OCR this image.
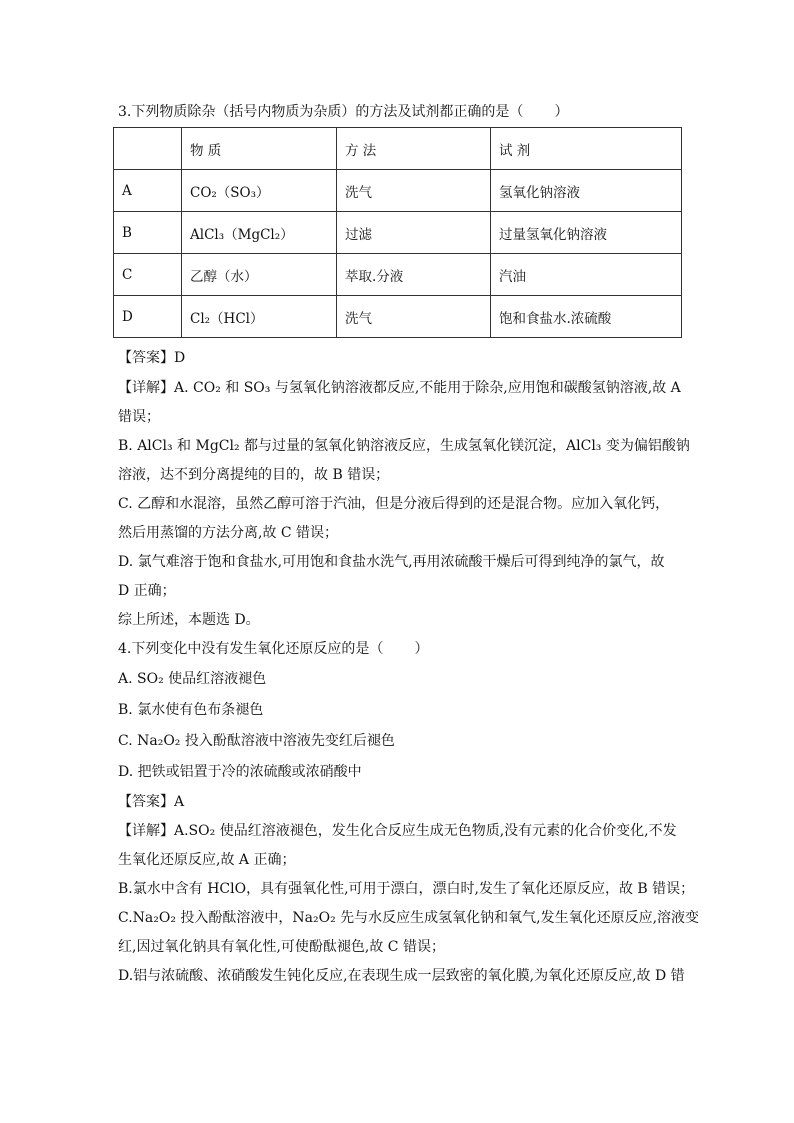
3.下列物质除杂（括号内物质为杂质）的方法及试剂都正确的是（       ）
	物 质	方 法	试 剂
A	CO₂（SO₃）	洗气	氢氧化钠溶液
B	AlCl₃（MgCl₂）	过滤	过量氢氧化钠溶液
C	乙醇（水）	萃取.分液	汽油
D	Cl₂（HCl）	洗气	饱和食盐水.浓硫酸
【答案】D
【详解】A. CO₂ 和 SO₃ 与氢氧化钠溶液都反应,不能用于除杂,应用饱和碳酸氢钠溶液,故 A
错误；
B. AlCl₃ 和 MgCl₂ 都与过量的氢氧化钠溶液反应，生成氢氧化镁沉淀，AlCl₃ 变为偏铝酸钠
溶液，达不到分离提纯的目的，故 B 错误；
C. 乙醇和水混溶，虽然乙醇可溶于汽油，但是分液后得到的还是混合物。应加入氧化钙，
然后用蒸馏的方法分离,故 C 错误；
D. 氯气难溶于饱和食盐水,可用饱和食盐水洗气,再用浓硫酸干燥后可得到纯净的氯气，故
D 正确；
综上所述，本题选 D。
4.下列变化中没有发生氧化还原反应的是（       ）
A. SO₂ 使品红溶液褪色
B. 氯水使有色布条褪色
C. Na₂O₂ 投入酚酞溶液中溶液先变红后褪色
D. 把铁或铝置于冷的浓硫酸或浓硝酸中
【答案】A
【详解】A.SO₂ 使品红溶液褪色，发生化合反应生成无色物质,没有元素的化合价变化,不发
生氧化还原反应,故 A 正确；
B.氯水中含有 HClO，具有强氧化性,可用于漂白，漂白时,发生了氧化还原反应，故 B 错误；
C.Na₂O₂ 投入酚酞溶液中，Na₂O₂ 先与水反应生成氢氧化钠和氧气,发生氧化还原反应,溶液变
红,因过氧化钠具有氧化性,可使酚酞褪色,故 C 错误；
D.铝与浓硫酸、浓硝酸发生钝化反应,在表现生成一层致密的氧化膜,为氧化还原反应,故 D 错
